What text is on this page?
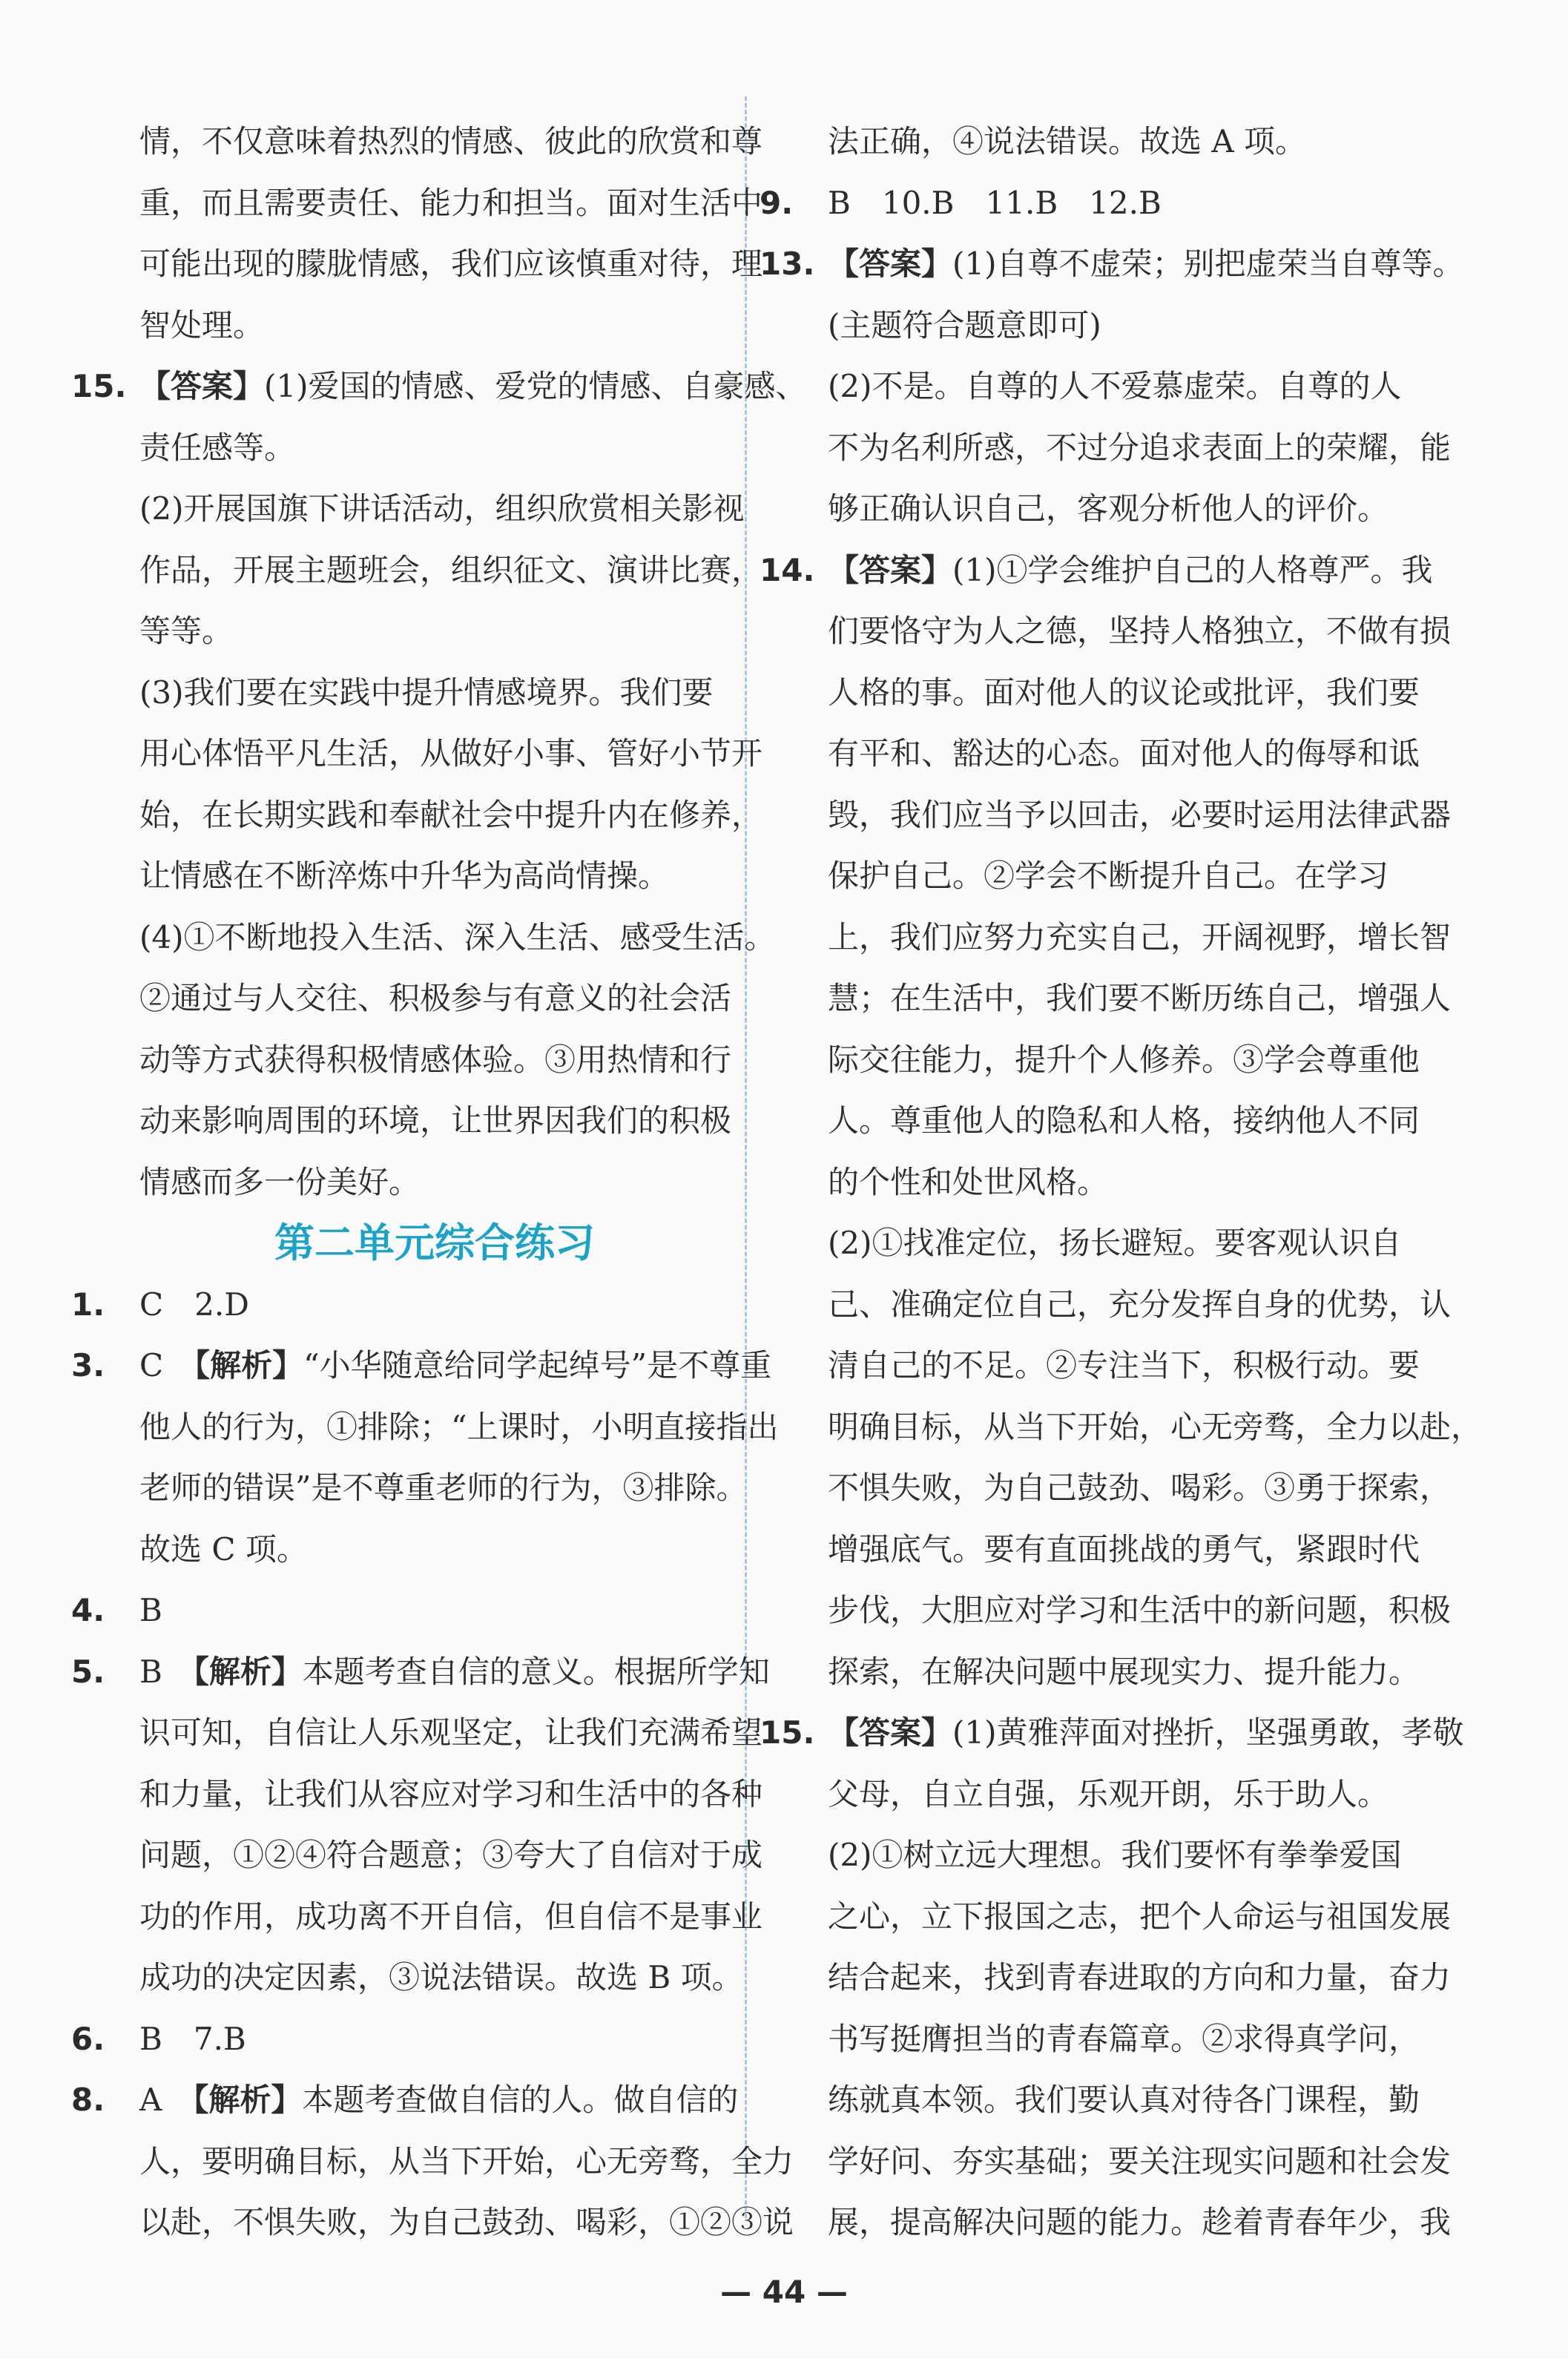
情，不仅意味着热烈的情感、彼此的欣赏和尊
重，而且需要责任、能力和担当。面对生活中
可能出现的朦胧情感，我们应该慎重对待，理
智处理。
15. 【答案】(1)爱国的情感、爱党的情感、自豪感、
责任感等。
(2)开展国旗下讲话活动，组织欣赏相关影视
作品，开展主题班会，组织征文、演讲比赛，
等等。
(3)我们要在实践中提升情感境界。我们要
用心体悟平凡生活，从做好小事、管好小节开
始，在长期实践和奉献社会中提升内在修养，
让情感在不断淬炼中升华为高尚情操。
(4)①不断地投入生活、深入生活、感受生活。
②通过与人交往、积极参与有意义的社会活
动等方式获得积极情感体验。③用热情和行
动来影响周围的环境，让世界因我们的积极
情感而多一份美好。
第二单元综合练习
1. C　2.D
3. C　【解析】“小华随意给同学起绰号”是不尊重
他人的行为，①排除；“上课时，小明直接指出
老师的错误”是不尊重老师的行为，③排除。
故选 C 项。
4. B
5. B　【解析】本题考查自信的意义。根据所学知
识可知，自信让人乐观坚定，让我们充满希望
和力量，让我们从容应对学习和生活中的各种
问题，①②④符合题意；③夸大了自信对于成
功的作用，成功离不开自信，但自信不是事业
成功的决定因素，③说法错误。故选 B 项。
6. B　7.B
8. A　【解析】本题考查做自信的人。做自信的
人，要明确目标，从当下开始，心无旁骛，全力
以赴，不惧失败，为自己鼓劲、喝彩，①②③说
法正确，④说法错误。故选 A 项。
9. B　10.B　11.B　12.B
13. 【答案】(1)自尊不虚荣；别把虚荣当自尊等。
(主题符合题意即可)
(2)不是。自尊的人不爱慕虚荣。自尊的人
不为名利所惑，不过分追求表面上的荣耀，能
够正确认识自己，客观分析他人的评价。
14. 【答案】(1)①学会维护自己的人格尊严。我
们要恪守为人之德，坚持人格独立，不做有损
人格的事。面对他人的议论或批评，我们要
有平和、豁达的心态。面对他人的侮辱和诋
毁，我们应当予以回击，必要时运用法律武器
保护自己。②学会不断提升自己。在学习
上，我们应努力充实自己，开阔视野，增长智
慧；在生活中，我们要不断历练自己，增强人
际交往能力，提升个人修养。③学会尊重他
人。尊重他人的隐私和人格，接纳他人不同
的个性和处世风格。
(2)①找准定位，扬长避短。要客观认识自
己、准确定位自己，充分发挥自身的优势，认
清自己的不足。②专注当下，积极行动。要
明确目标，从当下开始，心无旁骛，全力以赴，
不惧失败，为自己鼓劲、喝彩。③勇于探索，
增强底气。要有直面挑战的勇气，紧跟时代
步伐，大胆应对学习和生活中的新问题，积极
探索，在解决问题中展现实力、提升能力。
15. 【答案】(1)黄雅萍面对挫折，坚强勇敢，孝敬
父母，自立自强，乐观开朗，乐于助人。
(2)①树立远大理想。我们要怀有拳拳爱国
之心，立下报国之志，把个人命运与祖国发展
结合起来，找到青春进取的方向和力量，奋力
书写挺膺担当的青春篇章。②求得真学问，
练就真本领。我们要认真对待各门课程，勤
学好问、夯实基础；要关注现实问题和社会发
展，提高解决问题的能力。趁着青春年少，我
— 44 —
